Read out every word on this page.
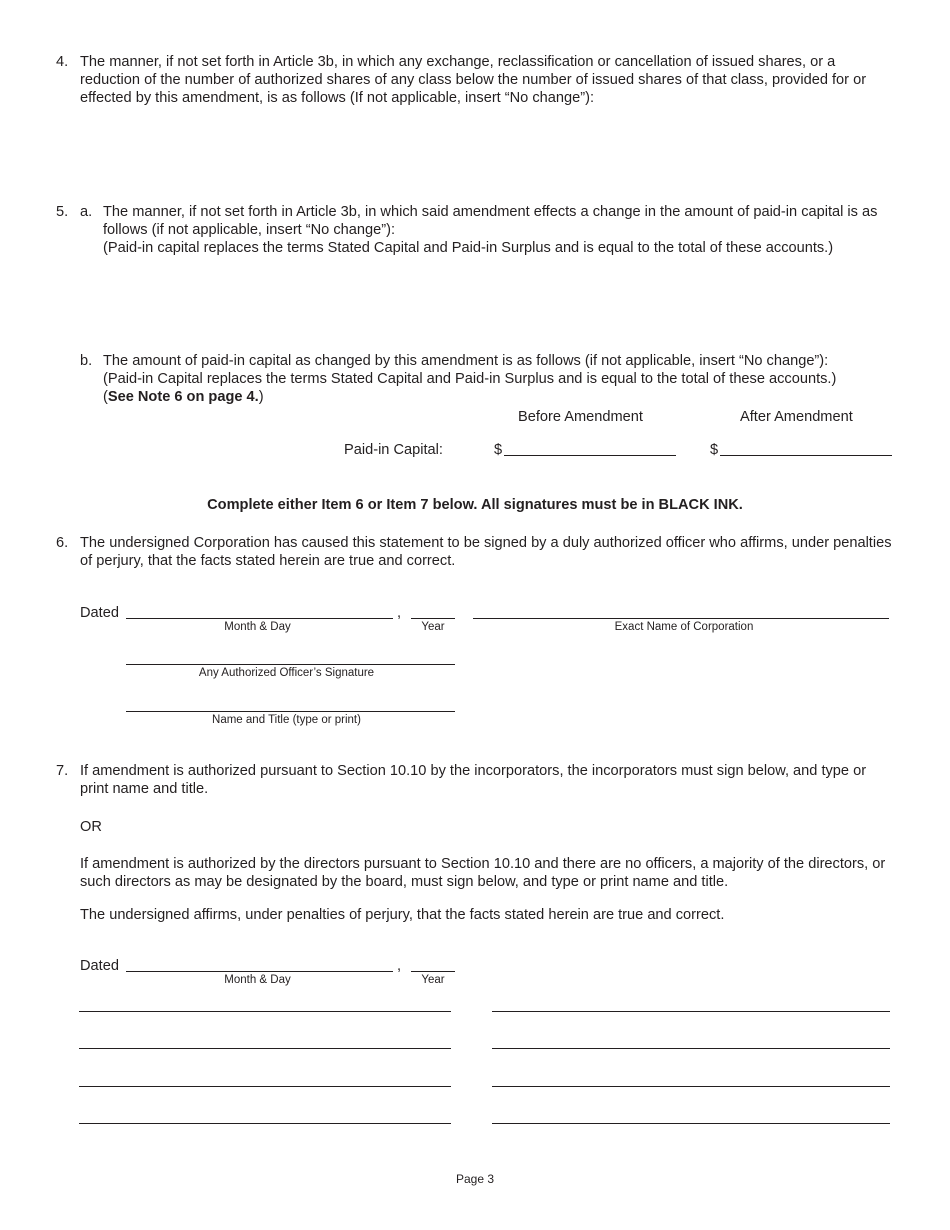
4. The manner, if not set forth in Article 3b, in which any exchange, reclassification or cancellation of issued shares, or a reduction of the number of authorized shares of any class below the number of issued shares of that class, provided for or effected by this amendment, is as follows (If not applicable, insert “No change”):
5. a. The manner, if not set forth in Article 3b, in which said amendment effects a change in the amount of paid-in capital is as follows (if not applicable, insert “No change”):
(Paid-in capital replaces the terms Stated Capital and Paid-in Surplus and is equal to the total of these accounts.)
b. The amount of paid-in capital as changed by this amendment is as follows (if not applicable, insert “No change”):
(Paid-in Capital replaces the terms Stated Capital and Paid-in Surplus and is equal to the total of these accounts.)
(See Note 6 on page 4.)
Before Amendment	After Amendment
Paid-in Capital:	$	$
Complete either Item 6 or Item 7 below. All signatures must be in BLACK INK.
6. The undersigned Corporation has caused this statement to be signed by a duly authorized officer who affirms, under penalties of perjury, that the facts stated herein are true and correct.
Dated	,
Month & Day	Year	Exact Name of Corporation
Any Authorized Officer’s Signature
Name and Title (type or print)
7. If amendment is authorized pursuant to Section 10.10 by the incorporators, the incorporators must sign below, and type or print name and title.
OR
If amendment is authorized by the directors pursuant to Section 10.10 and there are no officers, a majority of the directors, or such directors as may be designated by the board, must sign below, and type or print name and title.
The undersigned affirms, under penalties of perjury, that the facts stated herein are true and correct.
Dated	,
Month & Day	Year
Page 3
